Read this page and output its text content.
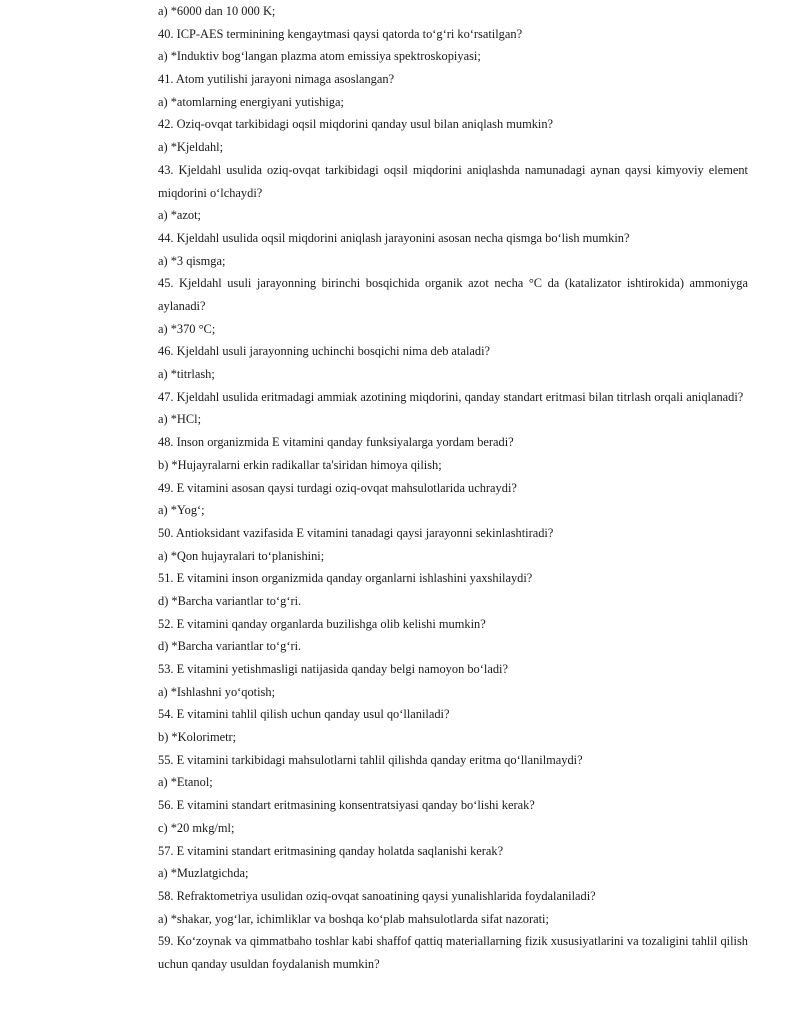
a) *6000 dan 10 000 K;
40. ICP-AES terminining kengaytmasi qaysi qatorda to‘g‘ri ko‘rsatilgan?
a) *Induktiv bog‘langan plazma atom emissiya spektroskopiyasi;
41. Atom yutilishi jarayoni nimaga asoslangan?
a) *atomlarning energiyani yutishiga;
42. Oziq-ovqat tarkibidagi oqsil miqdorini qanday usul bilan aniqlash mumkin?
a) *Kjeldahl;
43. Kjeldahl usulida oziq-ovqat tarkibidagi oqsil miqdorini aniqlashda namunadagi aynan qaysi kimyoviy element miqdorini o‘lchaydi?
a) *azot;
44. Kjeldahl usulida oqsil miqdorini aniqlash jarayonini asosan necha qismga bo‘lish mumkin?
a) *3 qismga;
45. Kjeldahl usuli jarayonning birinchi bosqichida organik azot necha °C da (katalizator ishtirokida) ammoniyga aylanadi?
a) *370 °C;
46. Kjeldahl usuli jarayonning uchinchi bosqichi nima deb ataladi?
a) *titrlash;
47. Kjeldahl usulida eritmadagi ammiak azotining miqdorini, qanday standart eritmasi bilan titrlash orqali aniqlanadi?
a) *HCl;
48. Inson organizmida E vitamini qanday funksiyalarga yordam beradi?
b) *Hujayralarni erkin radikallar ta'siridan himoya qilish;
49. E vitamini asosan qaysi turdagi oziq-ovqat mahsulotlarida uchraydi?
a) *Yog‘;
50. Antioksidant vazifasida E vitamini tanadagi qaysi jarayonni sekinlashtiradi?
a) *Qon hujayralari to‘planishini;
51. E vitamini inson organizmida qanday organlarni ishlashini yaxshilaydi?
d) *Barcha variantlar to‘g‘ri.
52. E vitamini qanday organlarda buzilishga olib kelishi mumkin?
d) *Barcha variantlar to‘g‘ri.
53. E vitamini yetishmasligi natijasida qanday belgi namoyon bo‘ladi?
a) *Ishlashni yo‘qotish;
54. E vitamini tahlil qilish uchun qanday usul qo‘llaniladi?
b) *Kolorimetr;
55. E vitamini tarkibidagi mahsulotlarni tahlil qilishda qanday eritma qo‘llanilmaydi?
a) *Etanol;
56. E vitamini standart eritmasining konsentratsiyasi qanday bo‘lishi kerak?
c) *20 mkg/ml;
57. E vitamini standart eritmasining qanday holatda saqlanishi kerak?
a) *Muzlatgichda;
58. Refraktometriya usulidan oziq-ovqat sanoatining qaysi yunalishlarida foydalaniladi?
a) *shakar, yog‘lar, ichimliklar va boshqa ko‘plab mahsulotlarda sifat nazorati;
59. Ko‘zoynak va qimmatbaho toshlar kabi shaffof qattiq materiallarning fizik xususiyatlarini va tozaligini tahlil qilish uchun qanday usuldan foydalanish mumkin?
